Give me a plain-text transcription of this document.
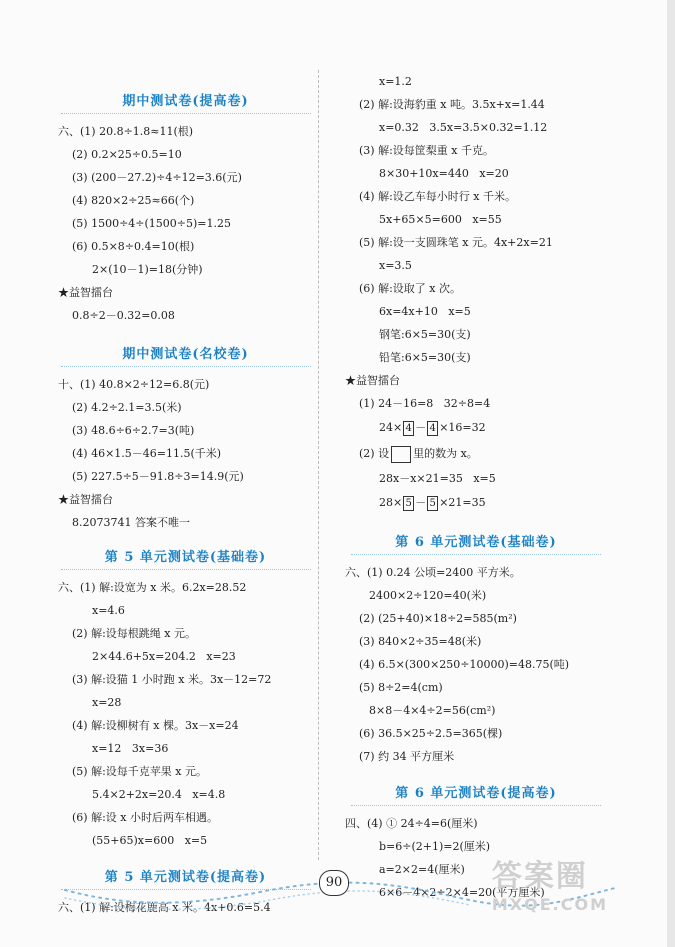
期中测试卷(提高卷)

六、(1) 20.8÷1.8≈11(根)

(2) 0.2×25÷0.5=10

(3) (200－27.2)÷4÷12=3.6(元)

(4) 820×2÷25≈66(个)

(5) 1500÷4÷(1500÷5)=1.25

(6) 0.5×8÷0.4=10(根)

2×(10－1)=18(分钟)

★益智擂台

0.8÷2－0.32=0.08

期中测试卷(名校卷)

十、(1) 40.8×2÷12=6.8(元)

(2) 4.2÷2.1=3.5(米)

(3) 48.6÷6÷2.7=3(吨)

(4) 46×1.5－46=11.5(千米)

(5) 227.5÷5－91.8÷3=14.9(元)

★益智擂台

8.2073741 答案不唯一

第 5 单元测试卷(基础卷)

六、(1) 解:设宽为 x 米。6.2x=28.52

x=4.6

(2) 解:设每根跳绳 x 元。

2×44.6+5x=204.2   x=23

(3) 解:设猫 1 小时跑 x 米。3x－12=72

x=28

(4) 解:设柳树有 x 棵。3x－x=24

x=12   3x=36

(5) 解:设每千克苹果 x 元。

5.4×2+2x=20.4   x=4.8

(6) 解:设 x 小时后两车相遇。

(55+65)x=600   x=5

第 5 单元测试卷(提高卷)

六、(1) 解:设梅花鹿高 x 米。4x+0.6=5.4

x=1.2

(2) 解:设海豹重 x 吨。3.5x+x=1.44

x=0.32   3.5x=3.5×0.32=1.12

(3) 解:设每筐梨重 x 千克。

8×30+10x=440   x=20

(4) 解:设乙车每小时行 x 千米。

5x+65×5=600   x=55

(5) 解:设一支圆珠笔 x 元。4x+2x=21

x=3.5

(6) 解:设取了 x 次。

6x=4x+10   x=5

钢笔:6×5=30(支)

铅笔:6×5=30(支)

★益智擂台

(1) 24－16=8   32÷8=4

24× 4 － 4 ×16=32

(2) 设 里的数为 x。

28x－x×21=35   x=5

28× 5 － 5 ×21=35

第 6 单元测试卷(基础卷)

六、(1) 0.24 公顷=2400 平方米。

2400×2÷120=40(米)

(2) (25+40)×18÷2=585(m²)

(3) 840×2÷35=48(米)

(4) 6.5×(300×250÷10000)=48.75(吨)

(5) 8÷2=4(cm)

8×8－4×4÷2=56(cm²)

(6) 36.5×25÷2.5=365(棵)

(7) 约 34 平方厘米

第 6 单元测试卷(提高卷)

四、(4) ① 24÷4=6(厘米)

b=6÷(2+1)=2(厘米)

a=2×2=4(厘米)

6×6－4×2÷2×4=20(平方厘米)

90	答案圈
MXQE.COM
